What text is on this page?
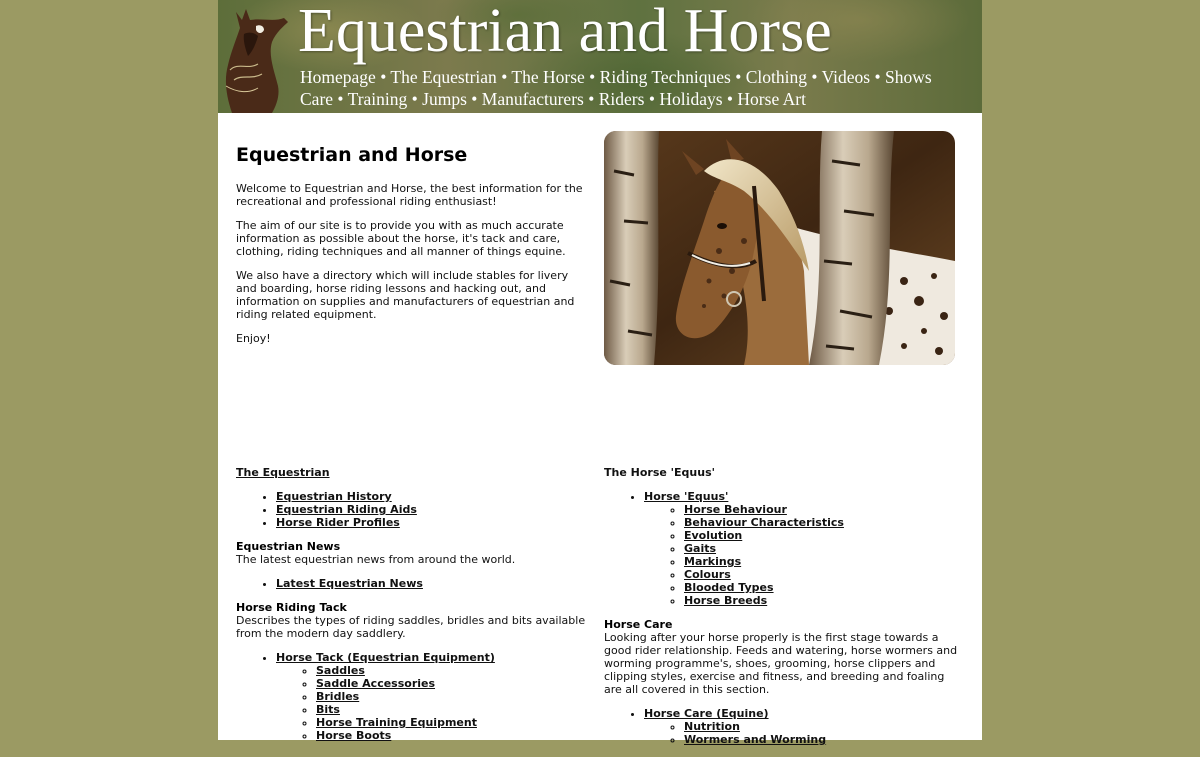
Equestrian and Horse
Homepage • The Equestrian • The Horse • Riding Techniques • Clothing • Videos • Shows
Care • Training • Jumps • Manufacturers • Riders • Holidays • Horse Art
Equestrian and Horse

Welcome to Equestrian and Horse, the best information for the recreational and professional riding enthusiast!

The aim of our site is to provide you with as much accurate information as possible about the horse, it's tack and care, clothing, riding techniques and all manner of things equine.

We also have a directory which will include stables for livery and boarding, horse riding lessons and hacking out, and information on supplies and manufacturers of equestrian and riding related equipment.

Enjoy!

The Equestrian

• Equestrian History
• Equestrian Riding Aids
• Horse Rider Profiles

Equestrian News

The latest equestrian news from around the world.

• Latest Equestrian News

Horse Riding Tack

Describes the types of riding saddles, bridles and bits available from the modern day saddlery.

• Horse Tack (Equestrian Equipment)
◦ Saddles
◦ Saddle Accessories
◦ Bridles
◦ Bits
◦ Horse Training Equipment
◦ Horse Boots

The Horse 'Equus'

• Horse 'Equus'
◦ Horse Behaviour
◦ Behaviour Characteristics
◦ Evolution
◦ Gaits
◦ Markings
◦ Colours
◦ Blooded Types
◦ Horse Breeds

Horse Care

Looking after your horse properly is the first stage towards a good rider relationship. Feeds and watering, horse wormers and worming programme's, shoes, grooming, horse clippers and clipping styles, exercise and fitness, and breeding and foaling are all covered in this section.

• Horse Care (Equine)
◦ Nutrition
◦ Wormers and Worming
